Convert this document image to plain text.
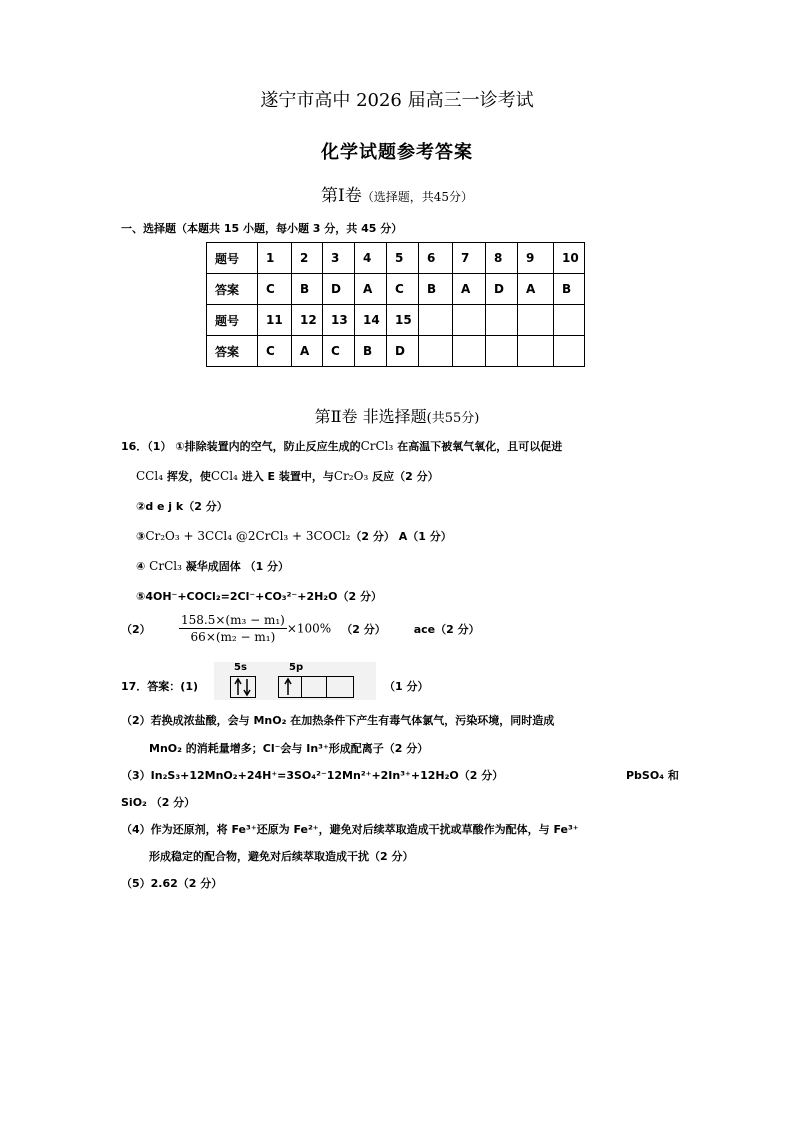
遂宁市高中 2026 届高三一诊考试
化学试题参考答案
第Ⅰ卷（选择题，共45分）
一、选择题（本题共 15 小题，每小题 3 分，共 45 分）
题号	1	2	3	4	5	6	7	8	9	10
答案	C	B	D	A	C	B	A	D	A	B
题号	11	12	13	14	15					
答案	C	A	C	B	D					
第Ⅱ卷 非选择题(共55分)
16．（1） ①排除装置内的空气，防止反应生成的CrCl₃ 在高温下被氧气氧化，且可以促进
CCl₄ 挥发，使CCl₄ 进入 E 装置中，与Cr₂O₃ 反应（2 分）
②d e j k（2 分）
③Cr₂O₃ + 3CCl₄ @2CrCl₃ + 3COCl₂（2 分） A（1 分）
④ CrCl₃ 凝华成固体 （1 分）
⑤4OH⁻+COCl₂=2Cl⁻+CO₃²⁻+2H₂O（2 分）
$(2) \frac{\text{158.5×(m₃ − m₁)}}{\text{66×(m₂ − m₁)}} \times 100\%$ （2 分）	ace（2 分）
17．答案：(1)
5s	5p
（1 分）
（2）若换成浓盐酸，会与 MnO₂ 在加热条件下产生有毒气体氯气，污染环境，同时造成
MnO₂ 的消耗量增多；Cl⁻会与 In³⁺形成配离子（2 分）
（3）In₂S₃+12MnO₂+24H⁺=3SO₄²⁻12Mn²⁺+2In³⁺+12H₂O（2 分）	PbSO₄ 和
SiO₂ （2 分）
（4）作为还原剂，将 Fe³⁺还原为 Fe²⁺，避免对后续萃取造成干扰或草酸作为配体，与 Fe³⁺
形成稳定的配合物，避免对后续萃取造成干扰（2 分）
（5）2.62（2 分）
